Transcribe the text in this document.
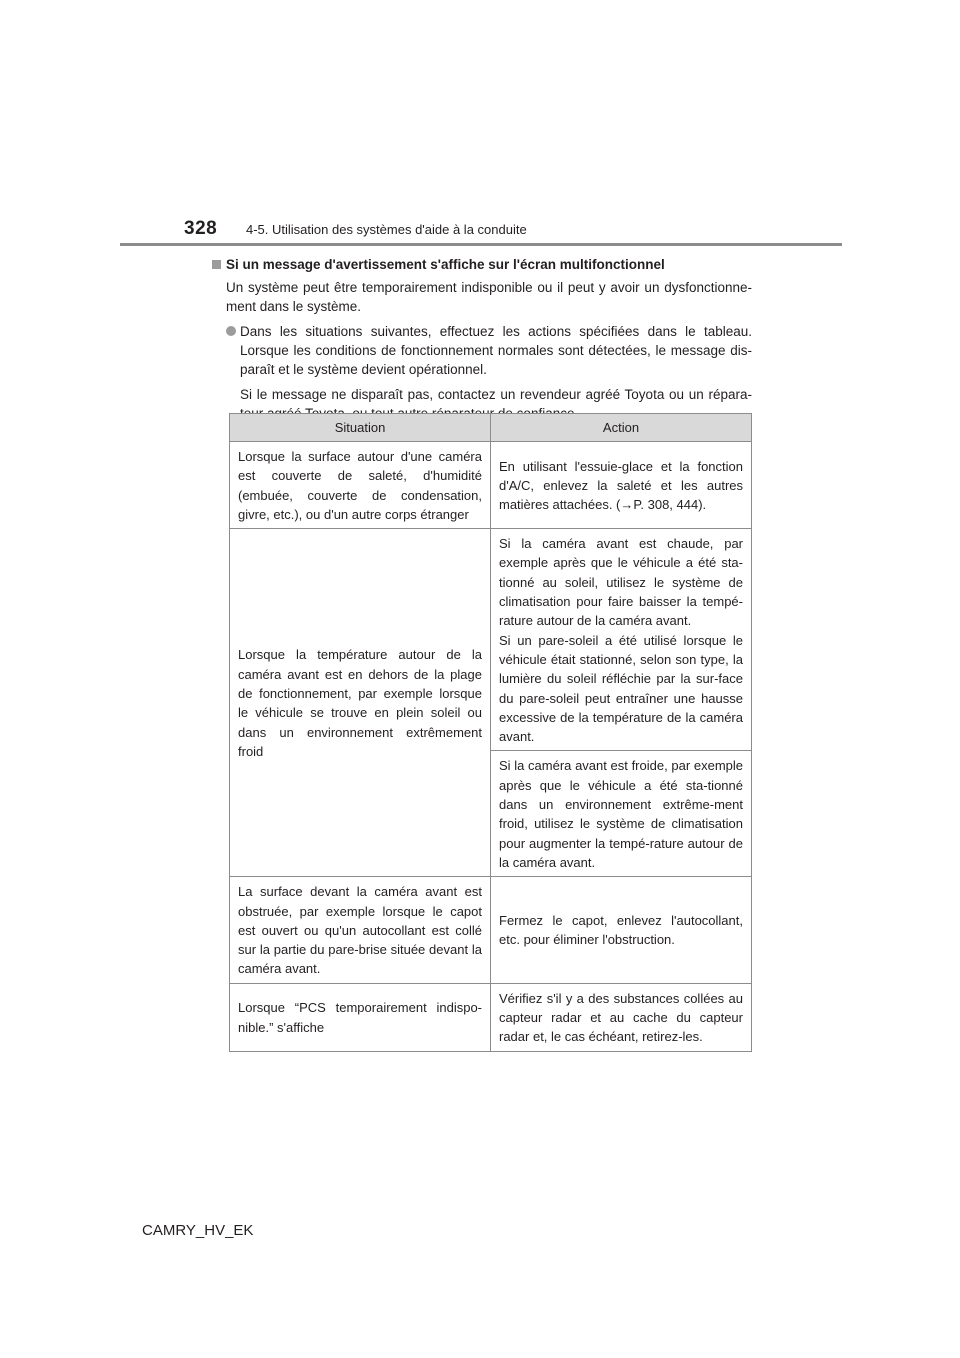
328 4-5. Utilisation des systèmes d'aide à la conduite
Si un message d'avertissement s'affiche sur l'écran multifonctionnel
Un système peut être temporairement indisponible ou il peut y avoir un dysfonctionne-ment dans le système.
Dans les situations suivantes, effectuez les actions spécifiées dans le tableau. Lorsque les conditions de fonctionnement normales sont détectées, le message dis-paraît et le système devient opérationnel.
Si le message ne disparaît pas, contactez un revendeur agréé Toyota ou un répara-
Situation	Action
Lorsque la surface autour d'une caméra est couverte de saleté, d'humidité (embuée, couverte de condensation, givre, etc.), ou d'un autre corps étranger	En utilisant l'essuie-glace et la fonction d'A/C, enlevez la saleté et les autres matières attachées. (→P. 308, 444).
Lorsque la température autour de la caméra avant est en dehors de la plage de fonctionnement, par exemple lorsque le véhicule se trouve en plein soleil ou dans un environnement extrêmement froid	Si la caméra avant est chaude, par exemple après que le véhicule a été sta-tionné au soleil, utilisez le système de climatisation pour faire baisser la tempé-rature autour de la caméra avant.
Si un pare-soleil a été utilisé lorsque le véhicule était stationné, selon son type, la lumière du soleil réfléchie par la sur-face du pare-soleil peut entraîner une hausse excessive de la température de la caméra avant.

	Si la caméra avant est froide, par exemple après que le véhicule a été sta-tionné dans un environnement extrême-ment froid, utilisez le système de climatisation pour augmenter la tempé-rature autour de la caméra avant.
La surface devant la caméra avant est obstruée, par exemple lorsque le capot est ouvert ou qu'un autocollant est collé sur la partie du pare-brise située devant la caméra avant.	Fermez le capot, enlevez l'autocollant, etc. pour éliminer l'obstruction.
Lorsque “PCS temporairement indispo-nible.” s'affiche	Vérifiez s'il y a des substances collées au capteur radar et au cache du capteur radar et, le cas échéant, retirez-les.
CAMRY_HV_EK
